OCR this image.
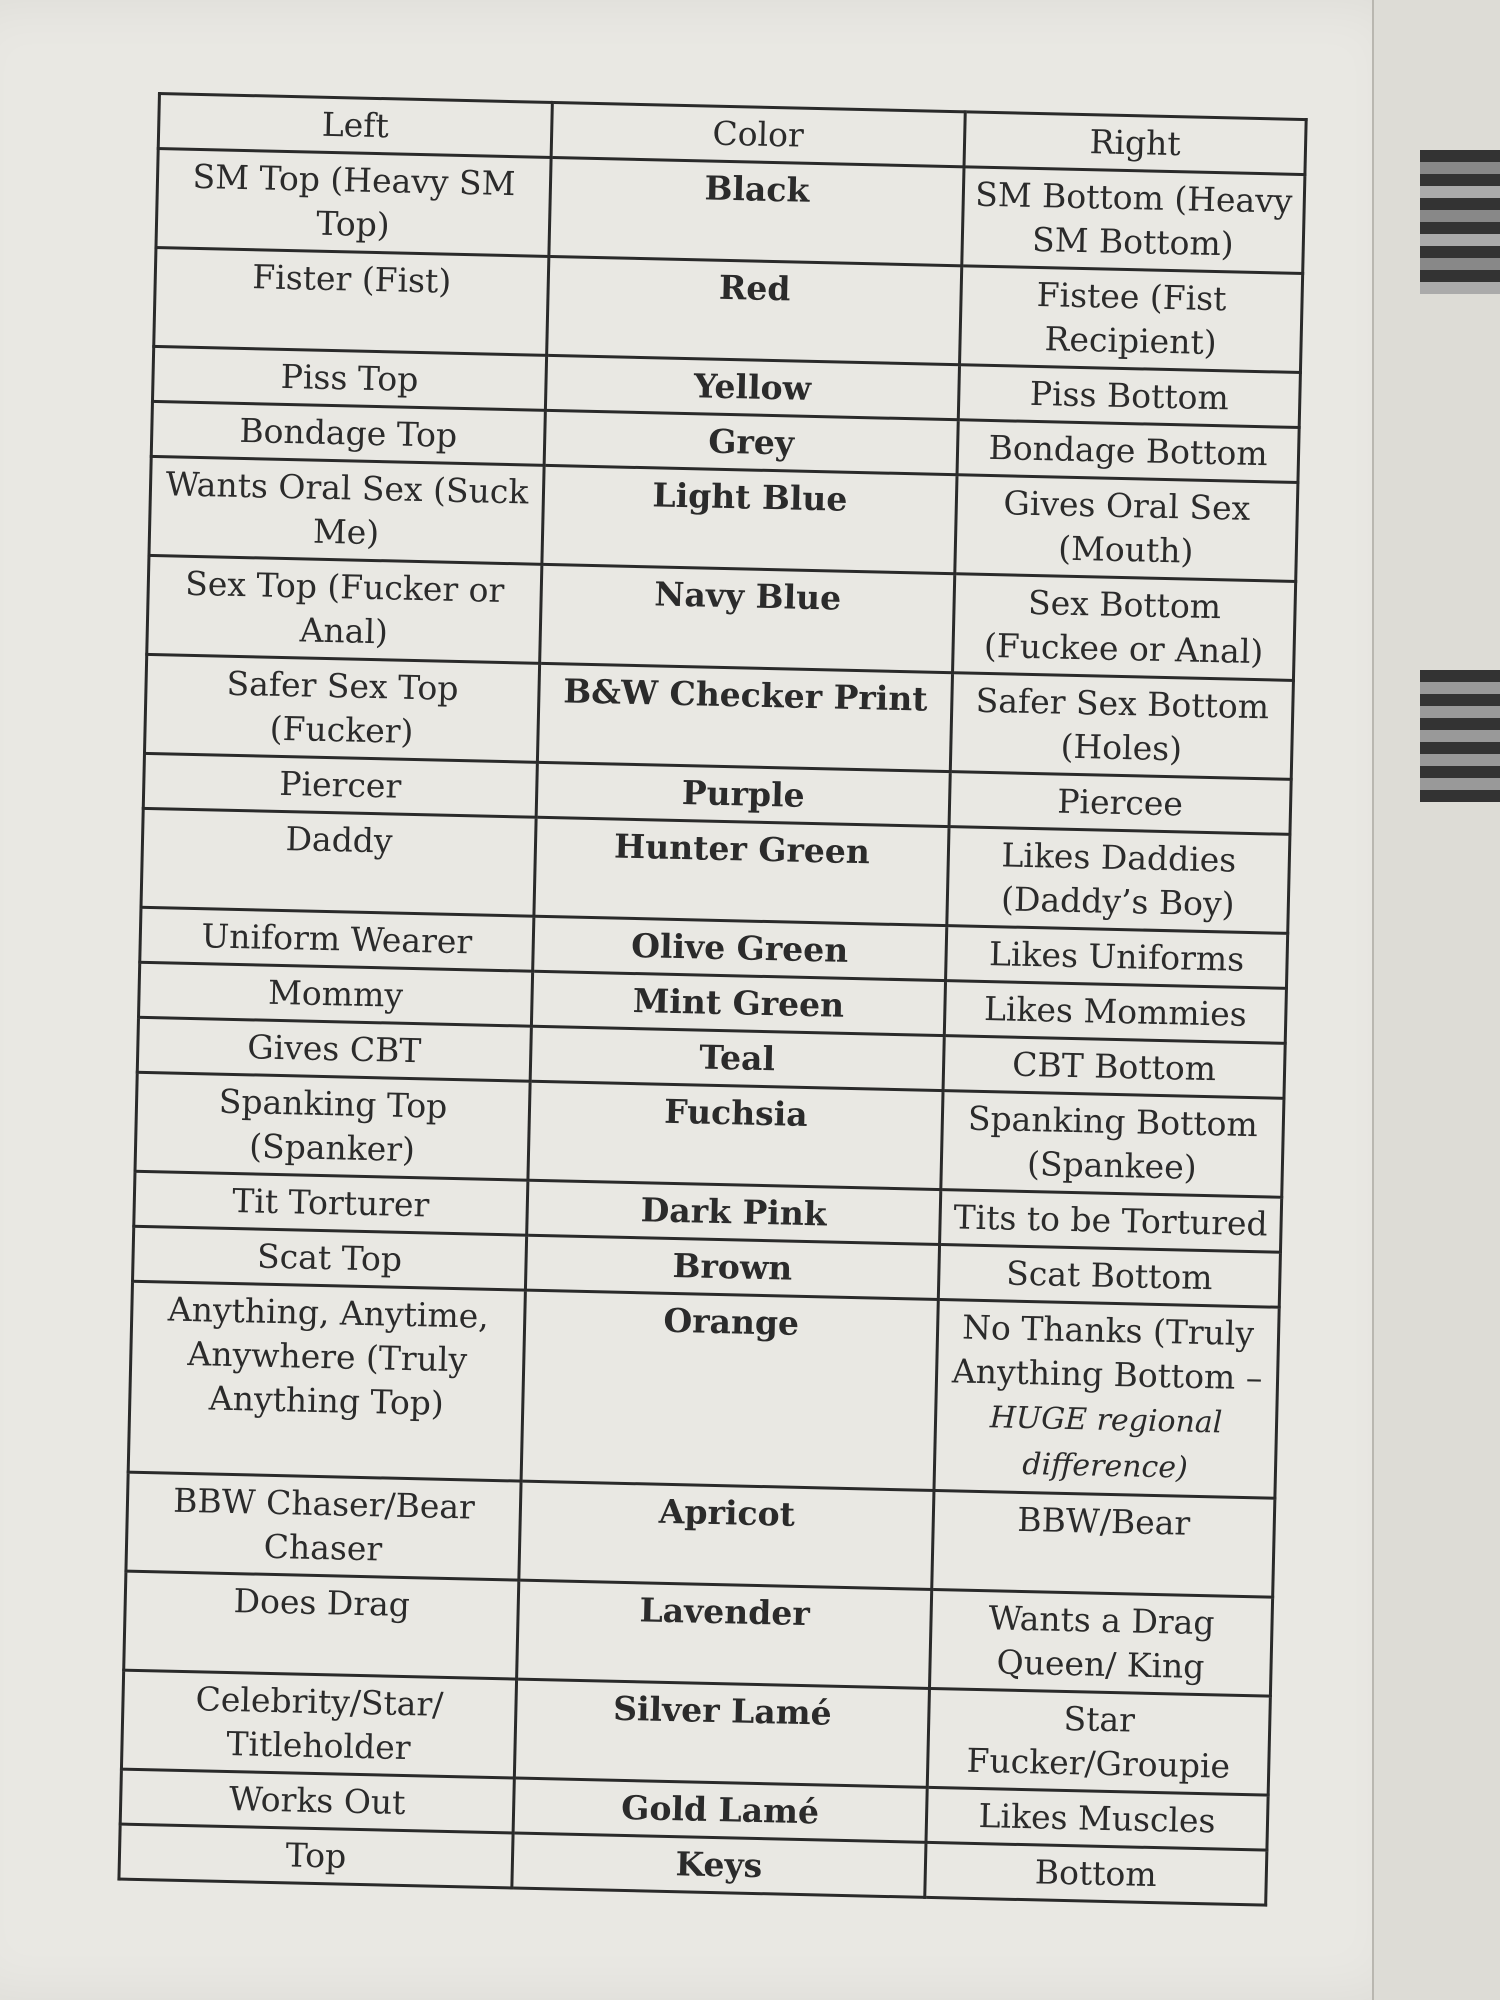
Left	Color	Right
SM Top (Heavy SM Top)	Black	SM Bottom (Heavy SM Bottom)
Fister (Fist)	Red	Fistee (Fist Recipient)
Piss Top	Yellow	Piss Bottom
Bondage Top	Grey	Bondage Bottom
Wants Oral Sex (Suck Me)	Light Blue	Gives Oral Sex (Mouth)
Sex Top (Fucker or Anal)	Navy Blue	Sex Bottom (Fuckee or Anal)
Safer Sex Top (Fucker)	B&W Checker Print	Safer Sex Bottom (Holes)
Piercer	Purple	Piercee
Daddy	Hunter Green	Likes Daddies (Daddy’s Boy)
Uniform Wearer	Olive Green	Likes Uniforms
Mommy	Mint Green	Likes Mommies
Gives CBT	Teal	CBT Bottom
Spanking Top (Spanker)	Fuchsia	Spanking Bottom (Spankee)
Tit Torturer	Dark Pink	Tits to be Tortured
Scat Top	Brown	Scat Bottom
Anything, Anytime, Anywhere (Truly Anything Top)	Orange	No Thanks (Truly Anything Bottom – HUGE regional difference)
BBW Chaser/Bear Chaser	Apricot	BBW/Bear
Does Drag	Lavender	Wants a Drag Queen/ King
Celebrity/Star/ Titleholder	Silver Lamé	Star Fucker/Groupie
Works Out	Gold Lamé	Likes Muscles
Top	Keys	Bottom
